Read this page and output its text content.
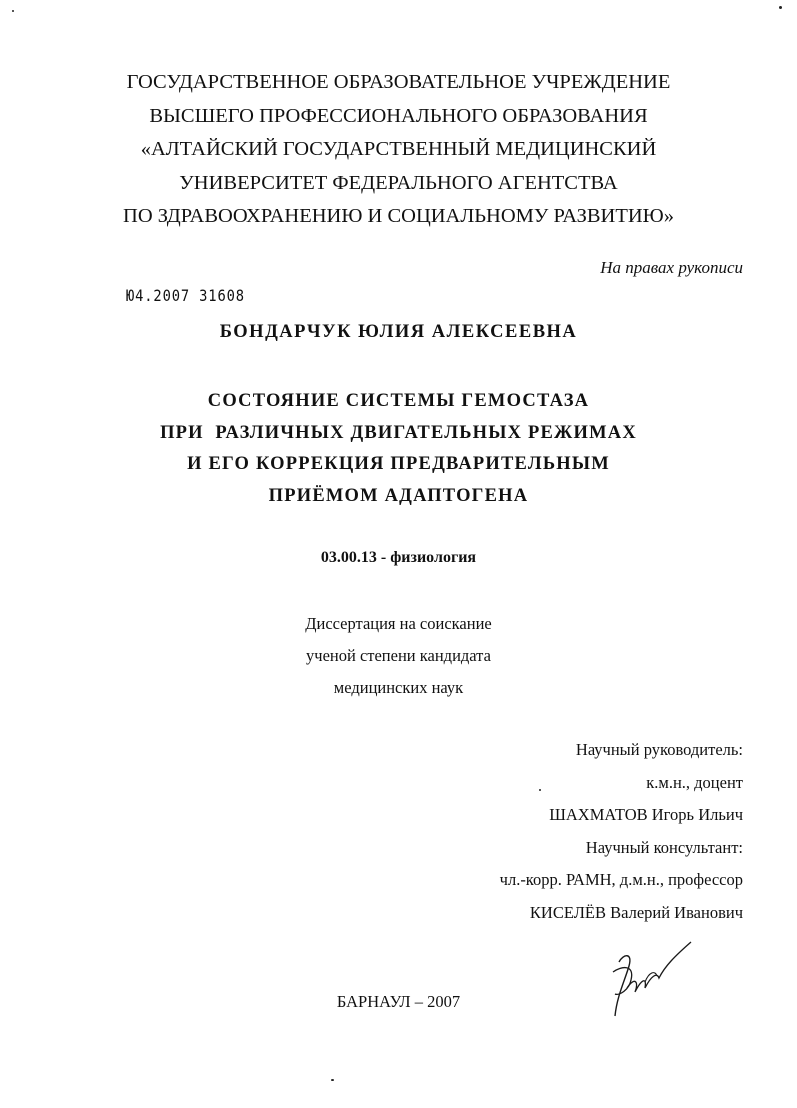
ГОСУДАРСТВЕННОЕ ОБРАЗОВАТЕЛЬНОЕ УЧРЕЖДЕНИЕ
ВЫСШЕГО ПРОФЕССИОНАЛЬНОГО ОБРАЗОВАНИЯ
«АЛТАЙСКИЙ ГОСУДАРСТВЕННЫЙ МЕДИЦИНСКИЙ
УНИВЕРСИТЕТ ФЕДЕРАЛЬНОГО АГЕНТСТВА
ПО ЗДРАВООХРАНЕНИЮ И СОЦИАЛЬНОМУ РАЗВИТИЮ»
На правах рукописи
Ю4.2007 31608
БОНДАРЧУК ЮЛИЯ АЛЕКСЕЕВНА
СОСТОЯНИЕ СИСТЕМЫ ГЕМОСТАЗА
ПРИ  РАЗЛИЧНЫХ ДВИГАТЕЛЬНЫХ РЕЖИМАХ
И ЕГО КОРРЕКЦИЯ ПРЕДВАРИТЕЛЬНЫМ
ПРИЁМОМ АДАПТОГЕНА
03.00.13 - физиология
Диссертация на соискание
ученой степени кандидата
медицинских наук
Научный руководитель:
к.м.н., доцент
ШАХМАТОВ Игорь Ильич
Научный консультант:
чл.-корр. РАМН, д.м.н., профессор
КИСЕЛЁВ Валерий Иванович
БАРНАУЛ – 2007
